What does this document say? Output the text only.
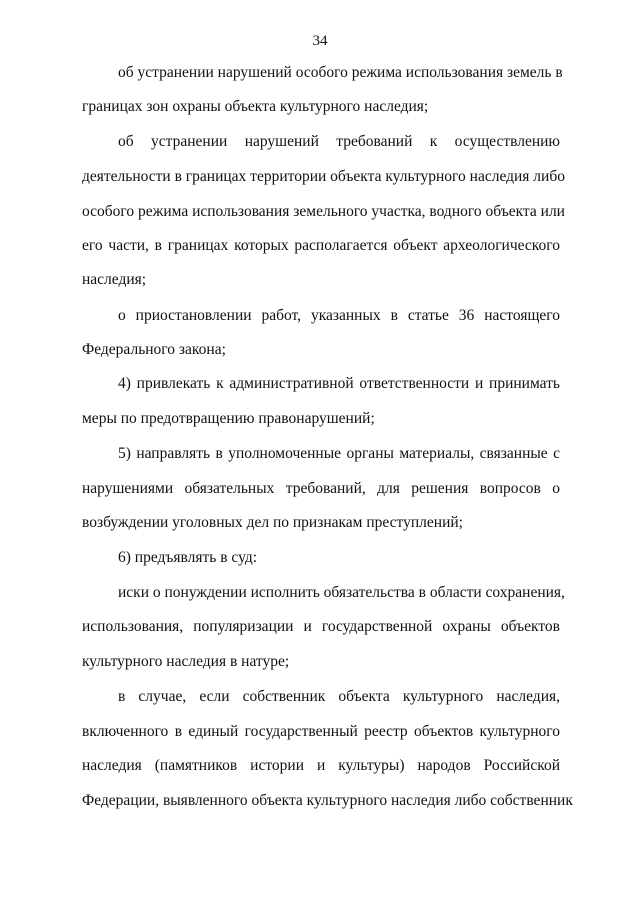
34
об устранении нарушений особого режима использования земель в
границах зон охраны объекта культурного наследия;
об устранении нарушений требований к осуществлению
деятельности в границах территории объекта культурного наследия либо
особого режима использования земельного участка, водного объекта или
его части, в границах которых располагается объект археологического
наследия;
о приостановлении работ, указанных в статье 36 настоящего
Федерального закона;
4) привлекать к административной ответственности и принимать
меры по предотвращению правонарушений;
5) направлять в уполномоченные органы материалы, связанные с
нарушениями обязательных требований, для решения вопросов о
возбуждении уголовных дел по признакам преступлений;
6) предъявлять в суд:
иски о понуждении исполнить обязательства в области сохранения,
использования, популяризации и государственной охраны объектов
культурного наследия в натуре;
в случае, если собственник объекта культурного наследия,
включенного в единый государственный реестр объектов культурного
наследия (памятников истории и культуры) народов Российской
Федерации, выявленного объекта культурного наследия либо собственник
